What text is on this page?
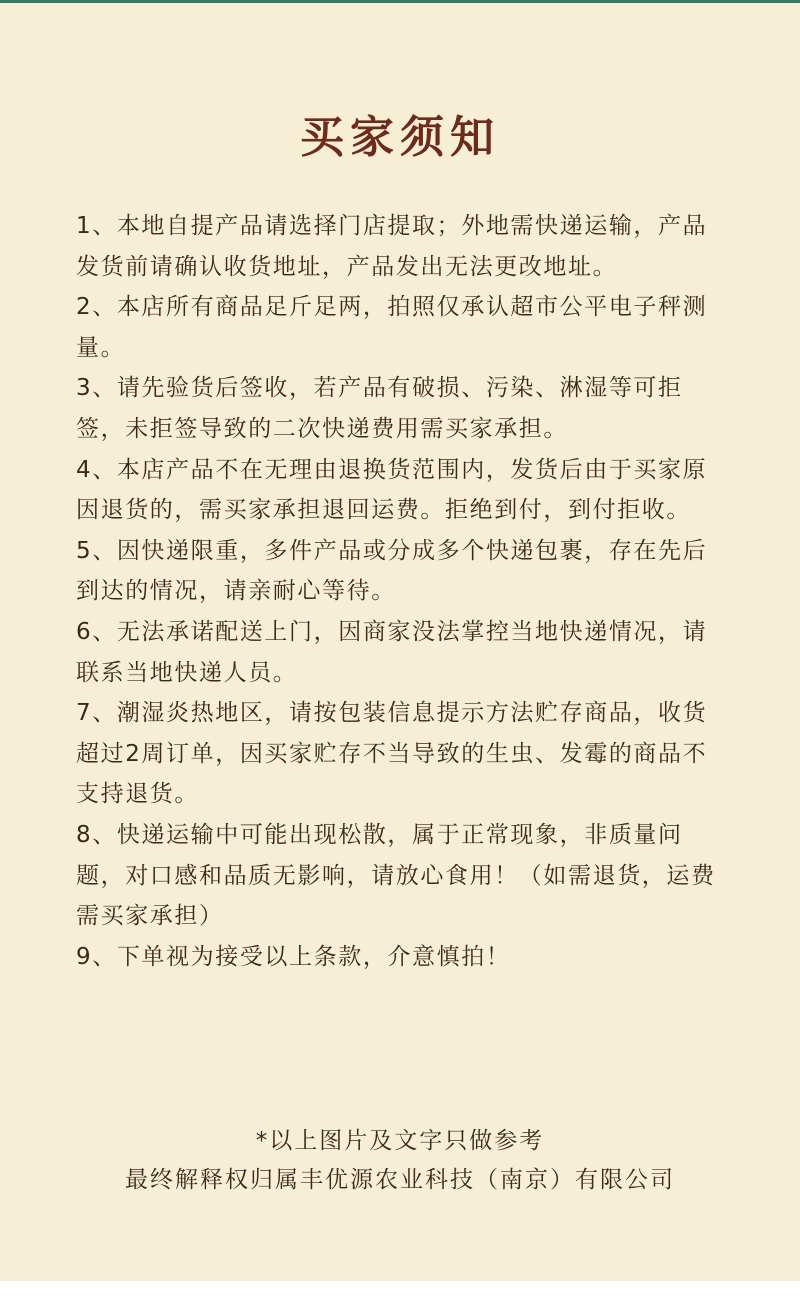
买家须知
1、本地自提产品请选择门店提取；外地需快递运输，产品发货前请确认收货地址，产品发出无法更改地址。
2、本店所有商品足斤足两，拍照仅承认超市公平电子秤测量。
3、请先验货后签收，若产品有破损、污染、淋湿等可拒签，未拒签导致的二次快递费用需买家承担。
4、本店产品不在无理由退换货范围内，发货后由于买家原因退货的，需买家承担退回运费。拒绝到付，到付拒收。
5、因快递限重，多件产品或分成多个快递包裹，存在先后到达的情况，请亲耐心等待。
6、无法承诺配送上门，因商家没法掌控当地快递情况，请联系当地快递人员。
7、潮湿炎热地区，请按包装信息提示方法贮存商品，收货超过2周订单，因买家贮存不当导致的生虫、发霉的商品不支持退货。
8、快递运输中可能出现松散，属于正常现象，非质量问题，对口感和品质无影响，请放心食用！（如需退货，运费需买家承担）
9、下单视为接受以上条款，介意慎拍！
*以上图片及文字只做参考
最终解释权归属丰优源农业科技（南京）有限公司
